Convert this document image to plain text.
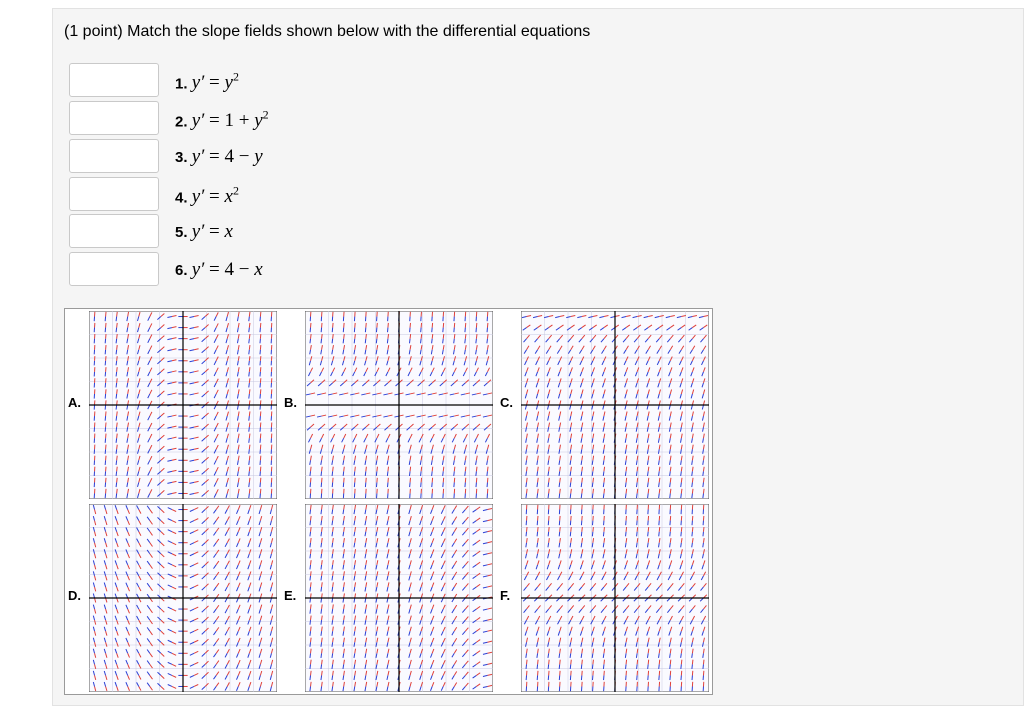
(1 point) Match the slope fields shown below with the differential equations
1. $y' = y^2$
2. $y' = 1 + y^2$
3. y′ = 4 − y
4. $y' = x^2$
5. y′ = x
6. y′ = 4 − x
A.	B.	C.
D.	E.	F.
